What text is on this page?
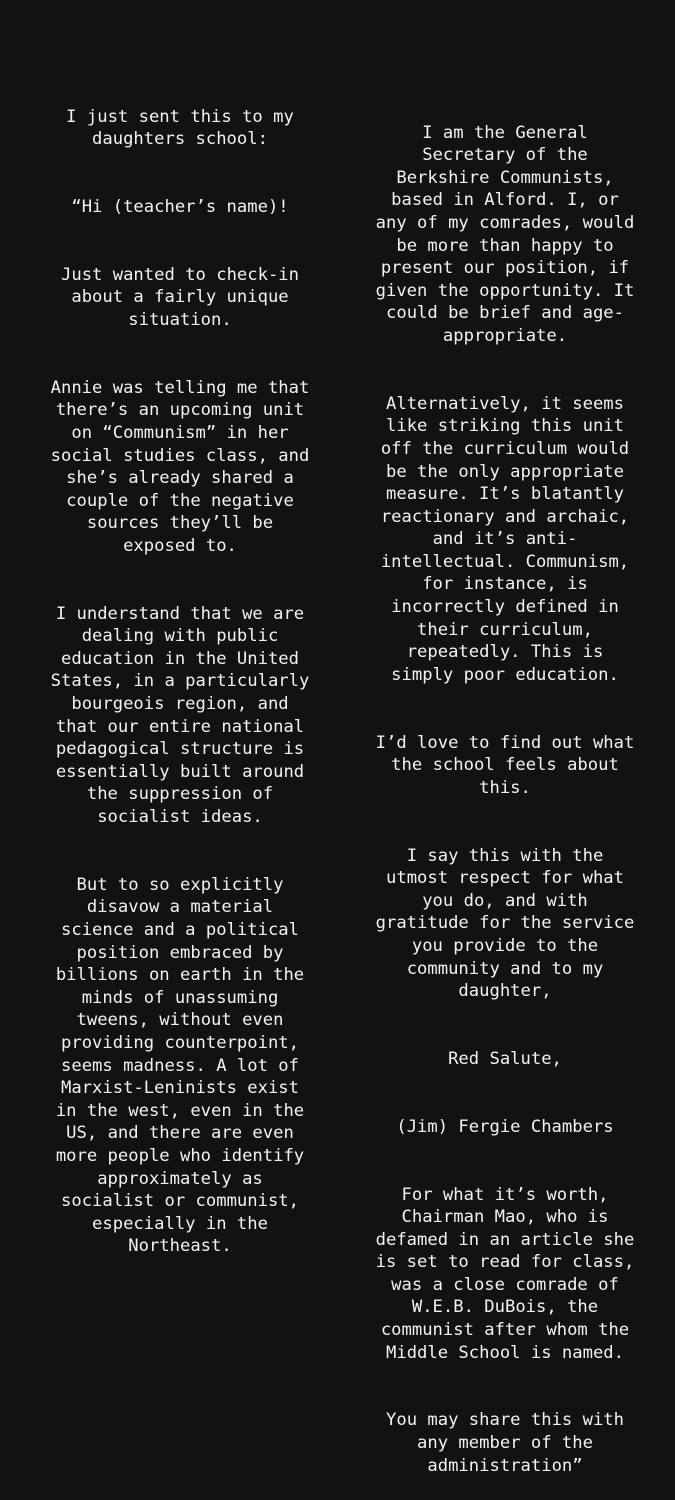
I just sent this to my
daughters school:

“Hi (teacher’s name)!

Just wanted to check-in
about a fairly unique
situation.

Annie was telling me that
there’s an upcoming unit
on “Communism” in her
social studies class, and
she’s already shared a
couple of the negative
sources they’ll be
exposed to.

I understand that we are
dealing with public
education in the United
States, in a particularly
bourgeois region, and
that our entire national
pedagogical structure is
essentially built around
the suppression of
socialist ideas.

But to so explicitly
disavow a material
science and a political
position embraced by
billions on earth in the
minds of unassuming
tweens, without even
providing counterpoint,
seems madness. A lot of
Marxist-Leninists exist
in the west, even in the
US, and there are even
more people who identify
approximately as
socialist or communist,
especially in the
Northeast.

I am the General
Secretary of the
Berkshire Communists,
based in Alford. I, or
any of my comrades, would
be more than happy to
present our position, if
given the opportunity. It
could be brief and age-
appropriate.

Alternatively, it seems
like striking this unit
off the curriculum would
be the only appropriate
measure. It’s blatantly
reactionary and archaic,
and it’s anti-
intellectual. Communism,
for instance, is
incorrectly defined in
their curriculum,
repeatedly. This is
simply poor education.

I’d love to find out what
the school feels about
this.

I say this with the
utmost respect for what
you do, and with
gratitude for the service
you provide to the
community and to my
daughter,

Red Salute,

(Jim) Fergie Chambers

For what it’s worth,
Chairman Mao, who is
defamed in an article she
is set to read for class,
was a close comrade of
W.E.B. DuBois, the
communist after whom the
Middle School is named.

You may share this with
any member of the
administration”
